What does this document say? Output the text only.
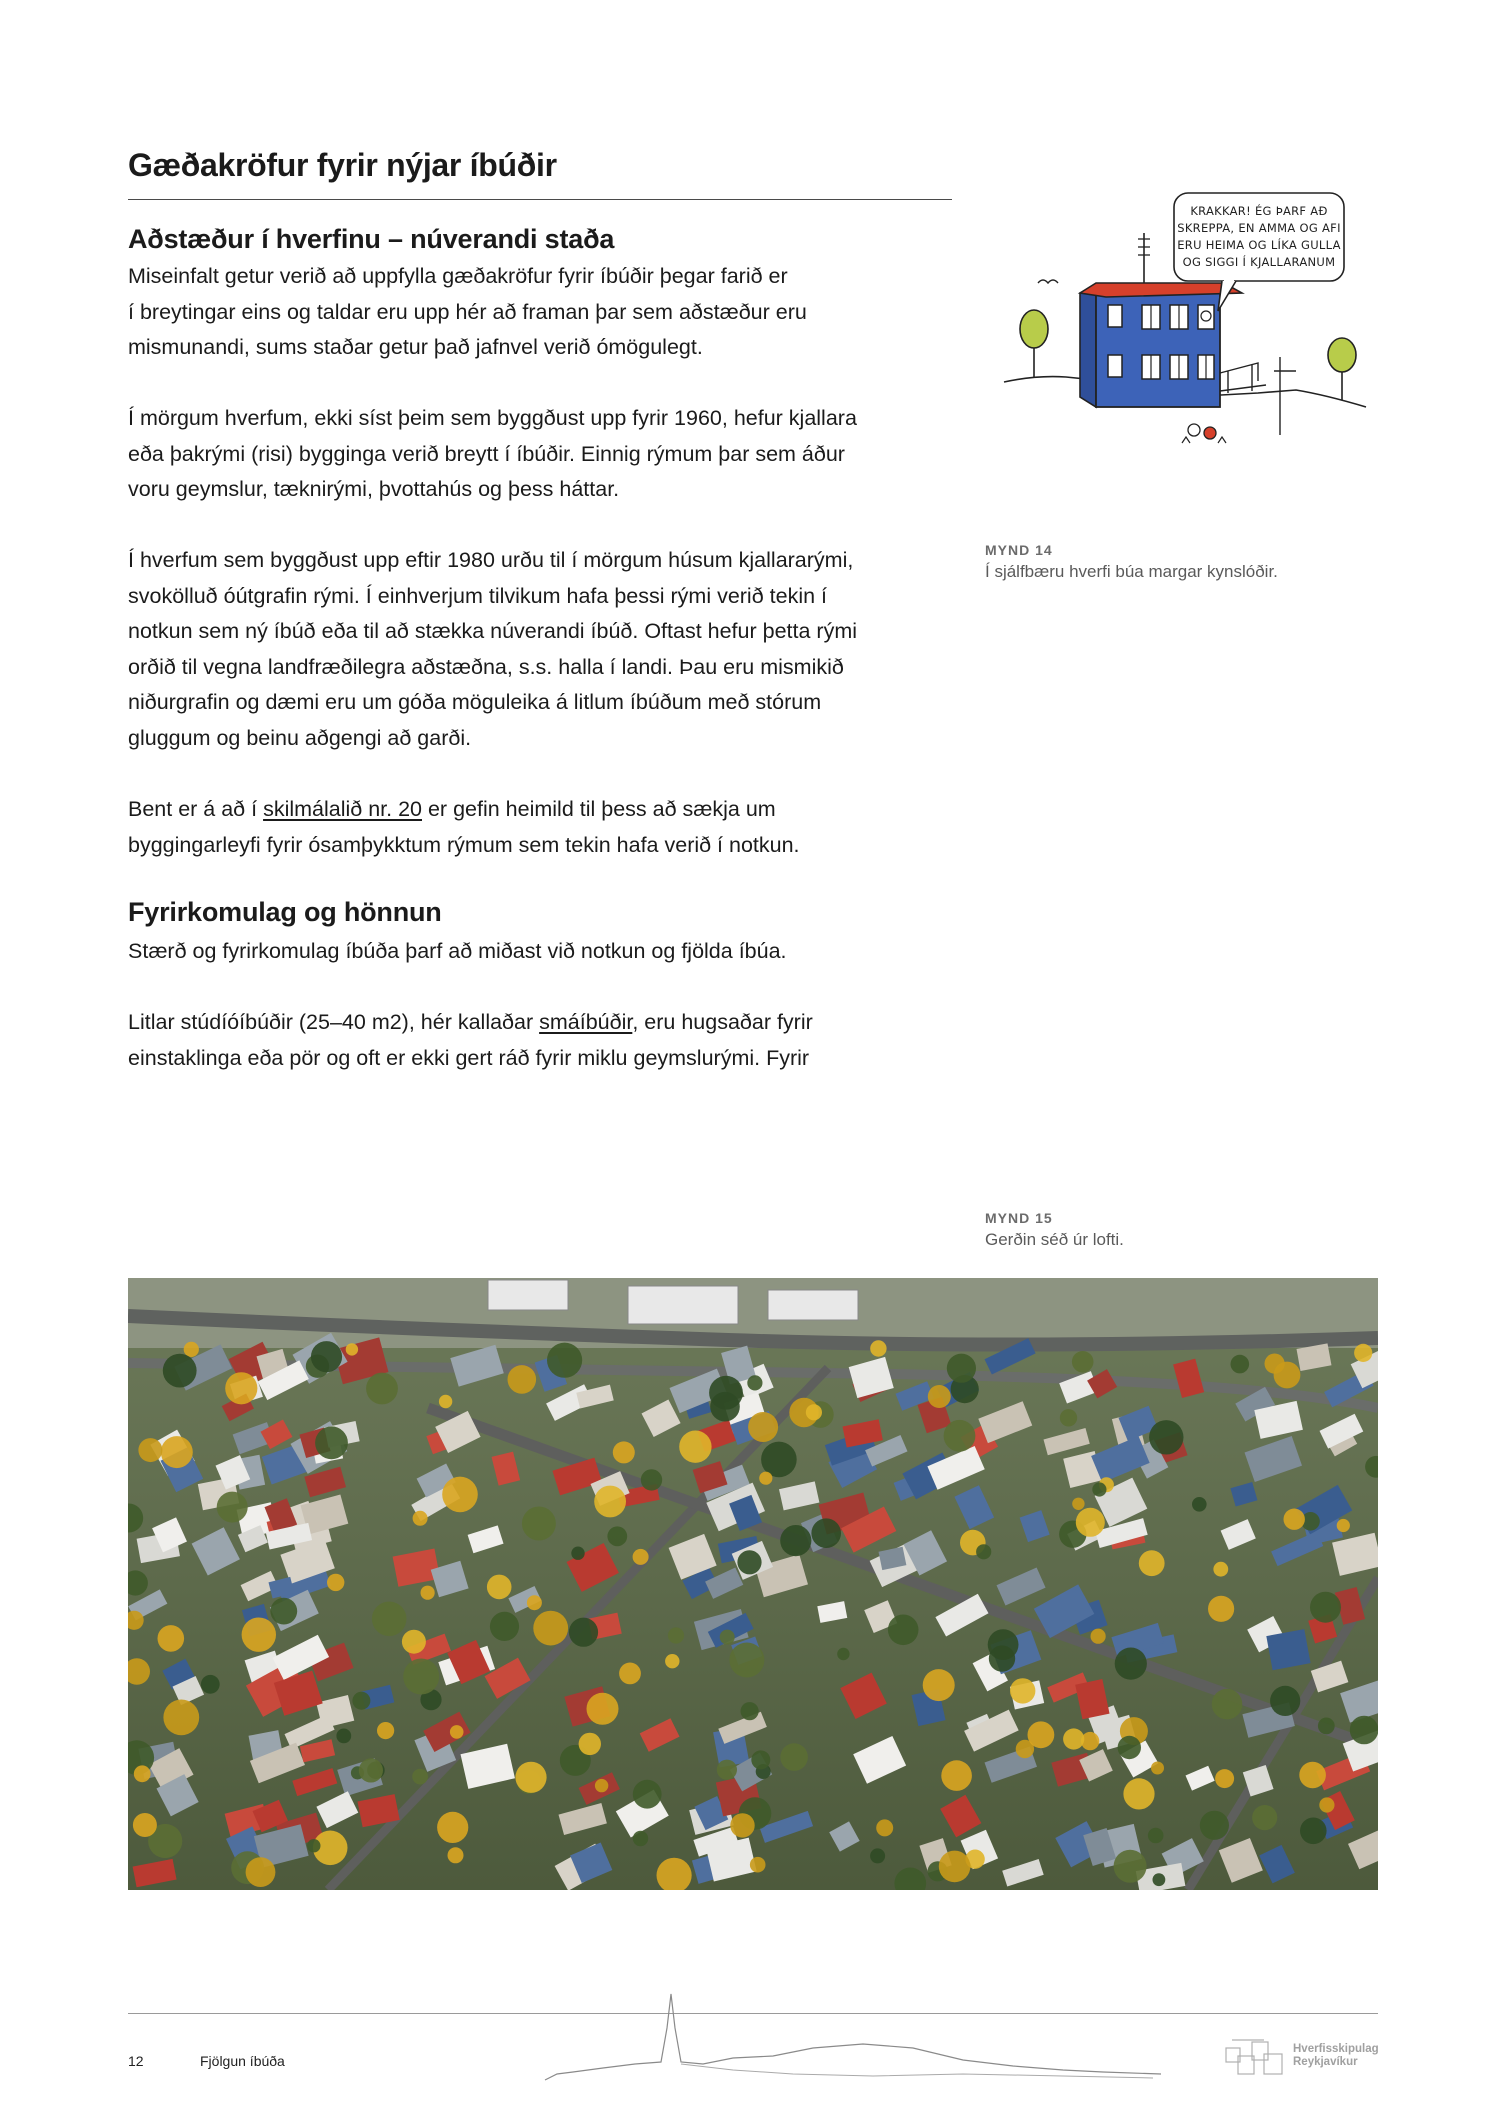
Gæðakröfur fyrir nýjar íbúðir
Aðstæður í hverfinu – núverandi staða

Miseinfalt getur verið að uppfylla gæðakröfur fyrir íbúðir þegar farið er
í breytingar eins og taldar eru upp hér að framan þar sem aðstæður eru
mismunandi, sums staðar getur það jafnvel verið ómögulegt.

Í mörgum hverfum, ekki síst þeim sem byggðust upp fyrir 1960, hefur kjallara
eða þakrými (risi) bygginga verið breytt í íbúðir. Einnig rýmum þar sem áður
voru geymslur, tæknirými, þvottahús og þess háttar.

Í hverfum sem byggðust upp eftir 1980 urðu til í mörgum húsum kjallararými,
svokölluð óútgrafin rými. Í einhverjum tilvikum hafa þessi rými verið tekin í
notkun sem ný íbúð eða til að stækka núverandi íbúð. Oftast hefur þetta rými
orðið til vegna landfræðilegra aðstæðna, s.s. halla í landi. Þau eru mismikið
niðurgrafin og dæmi eru um góða möguleika á litlum íbúðum með stórum
gluggum og beinu aðgengi að garði.

Bent er á að í skilmálalið nr. 20 er gefin heimild til þess að sækja um
byggingarleyfi fyrir ósamþykktum rýmum sem tekin hafa verið í notkun.

Fyrirkomulag og hönnun

Stærð og fyrirkomulag íbúða þarf að miðast við notkun og fjölda íbúa.

Litlar stúdíóíbúðir (25–40 m2), hér kallaðar smáíbúðir, eru hugsaðar fyrir
einstaklinga eða pör og oft er ekki gert ráð fyrir miklu geymslurými. Fyrir

KRAKKAR! ÉG ÞARF AÐ
SKREPPA, EN AMMA OG AFI
ERU HEIMA OG LÍKA GULLA
OG SIGGI Í KJALLARANUM
MYND 14
Í sjálfbæru hverfi búa margar kynslóðir.
MYND 15
Gerðin séð úr lofti.
12	Fjölgun íbúða
Hverfisskipulag
Reykjavíkur
